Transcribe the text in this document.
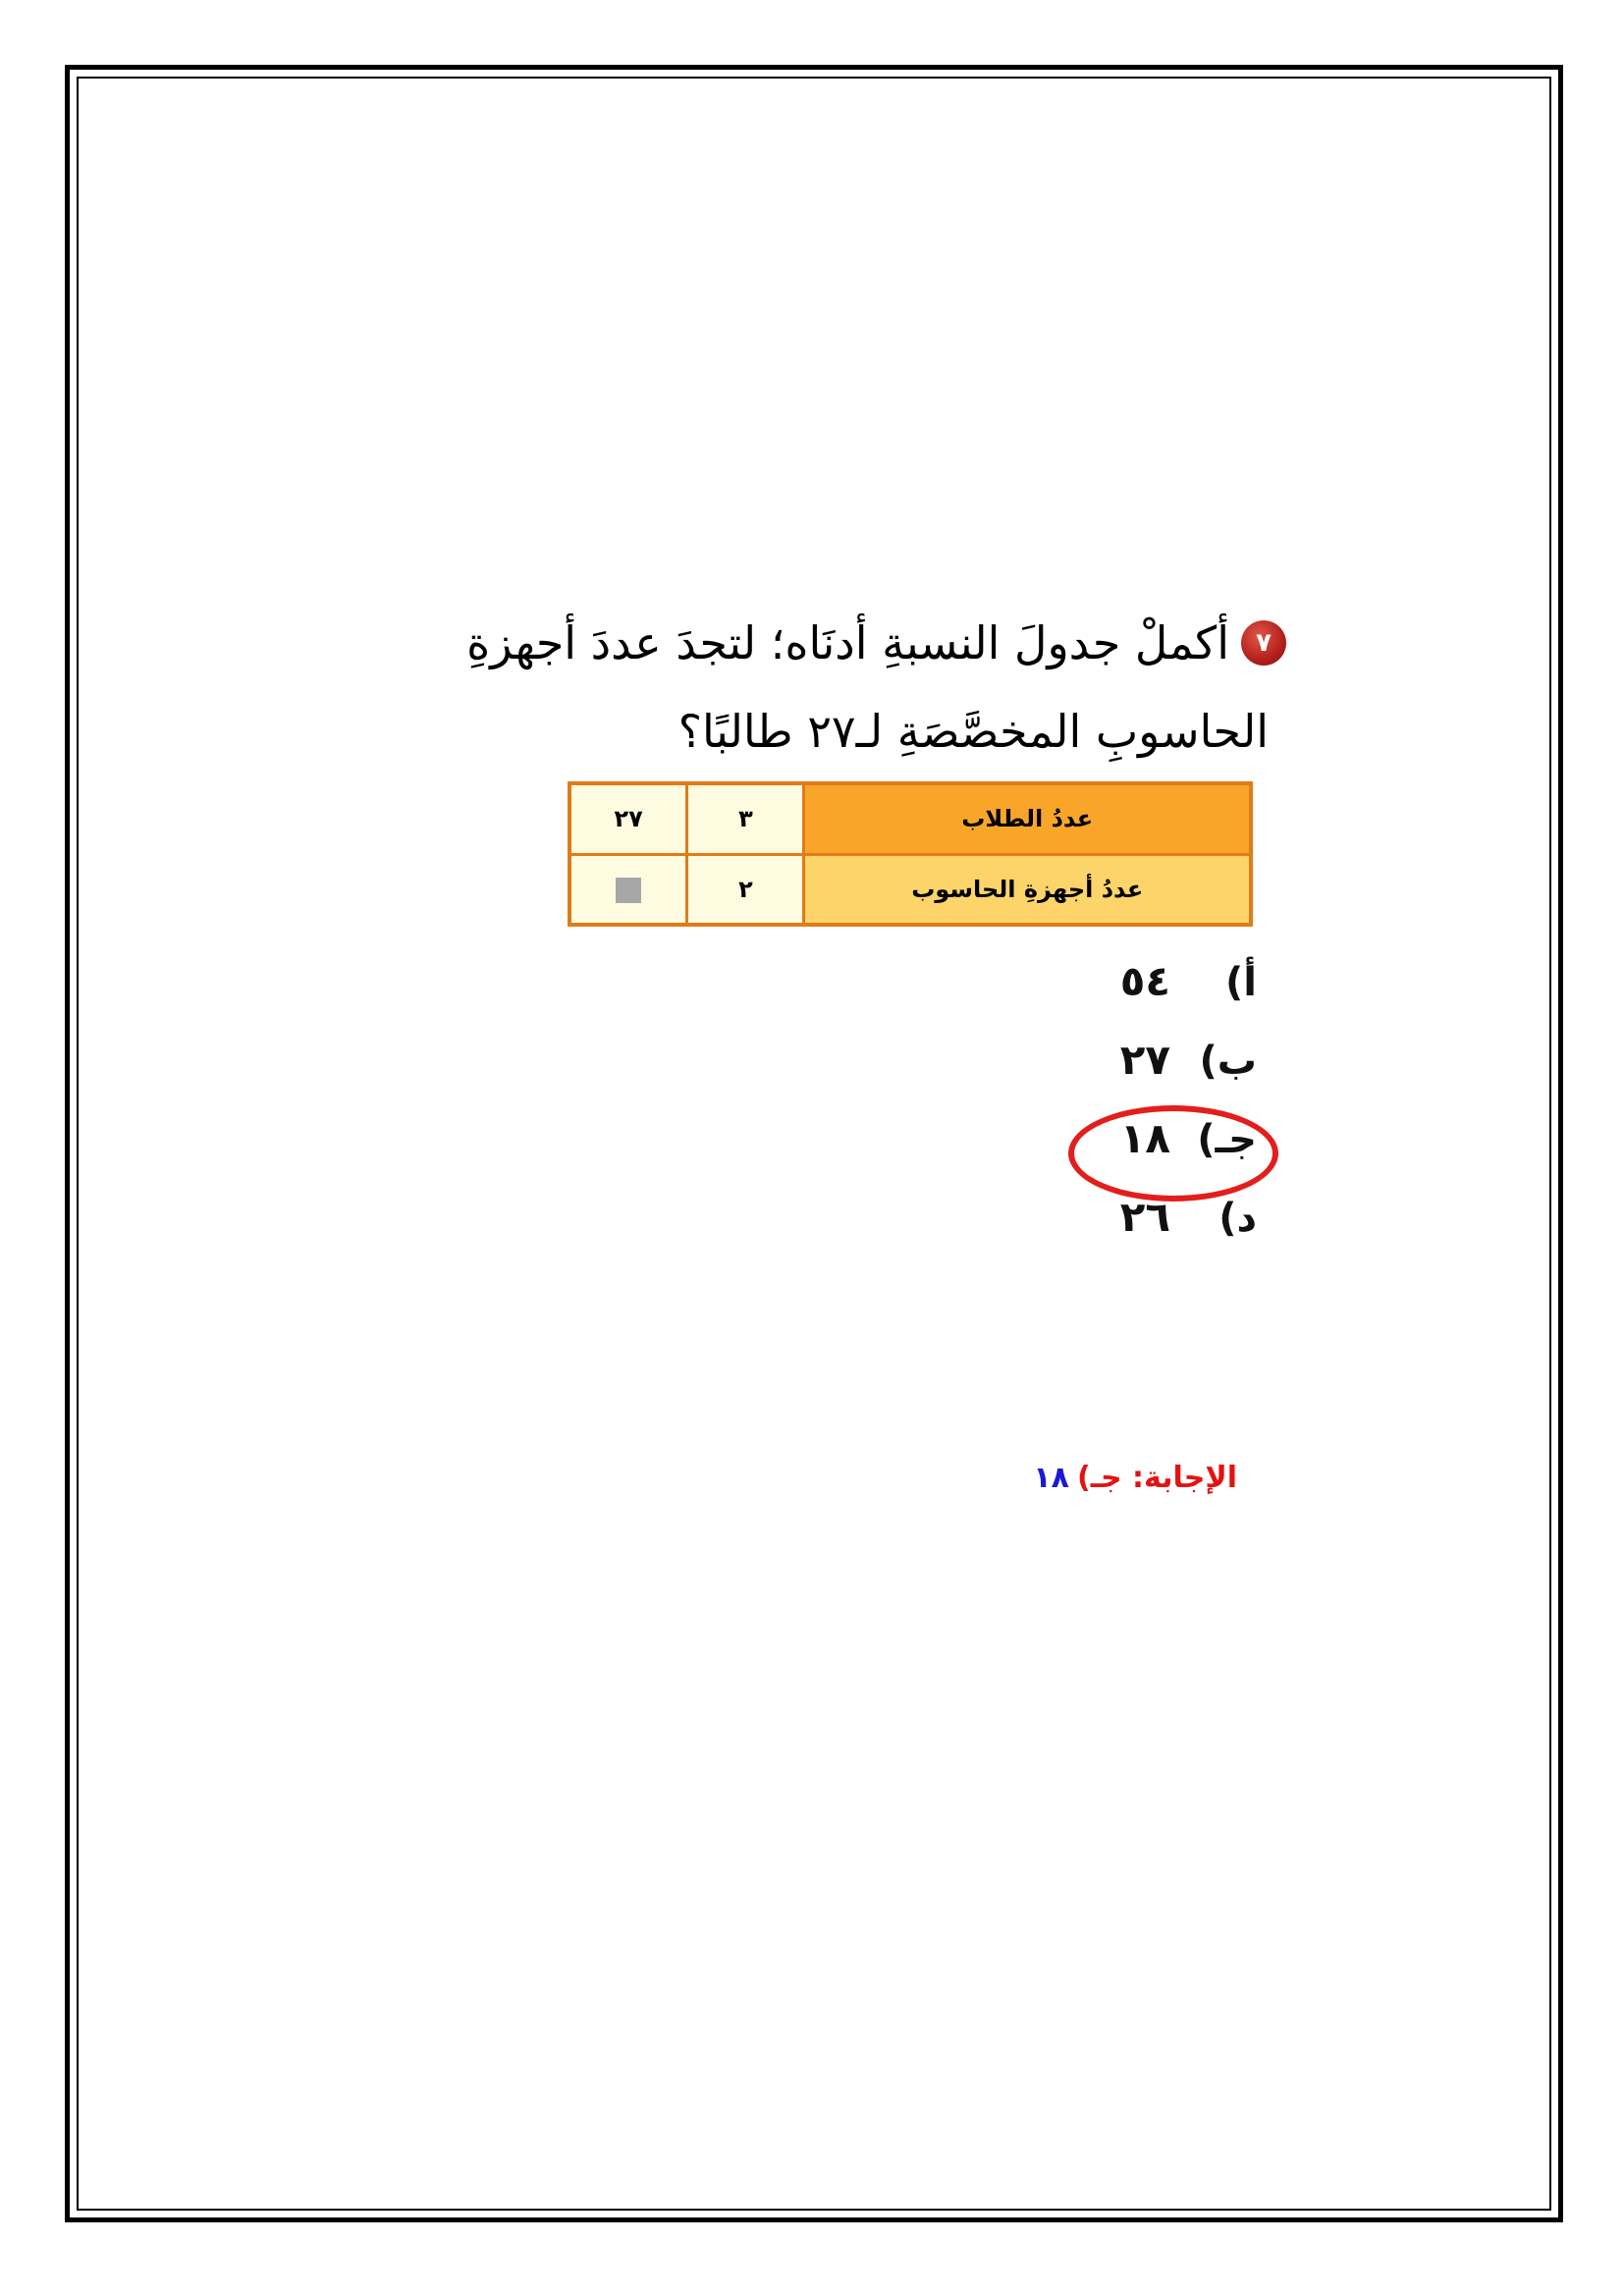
٧أكملْ جدولَ النسبةِ أدنَاه؛ لتجدَ عددَ أجهزةِ
الحاسوبِ المخصَّصَةِ لـ٢٧ طالبًا؟
عددُ الطلاب	٣	٢٧
عددُ أجهزةِ الحاسوب	٢	
أ)٥٤
ب)٢٧
جـ)١٨
د)٢٦
الإجابة: جـ)١٨
